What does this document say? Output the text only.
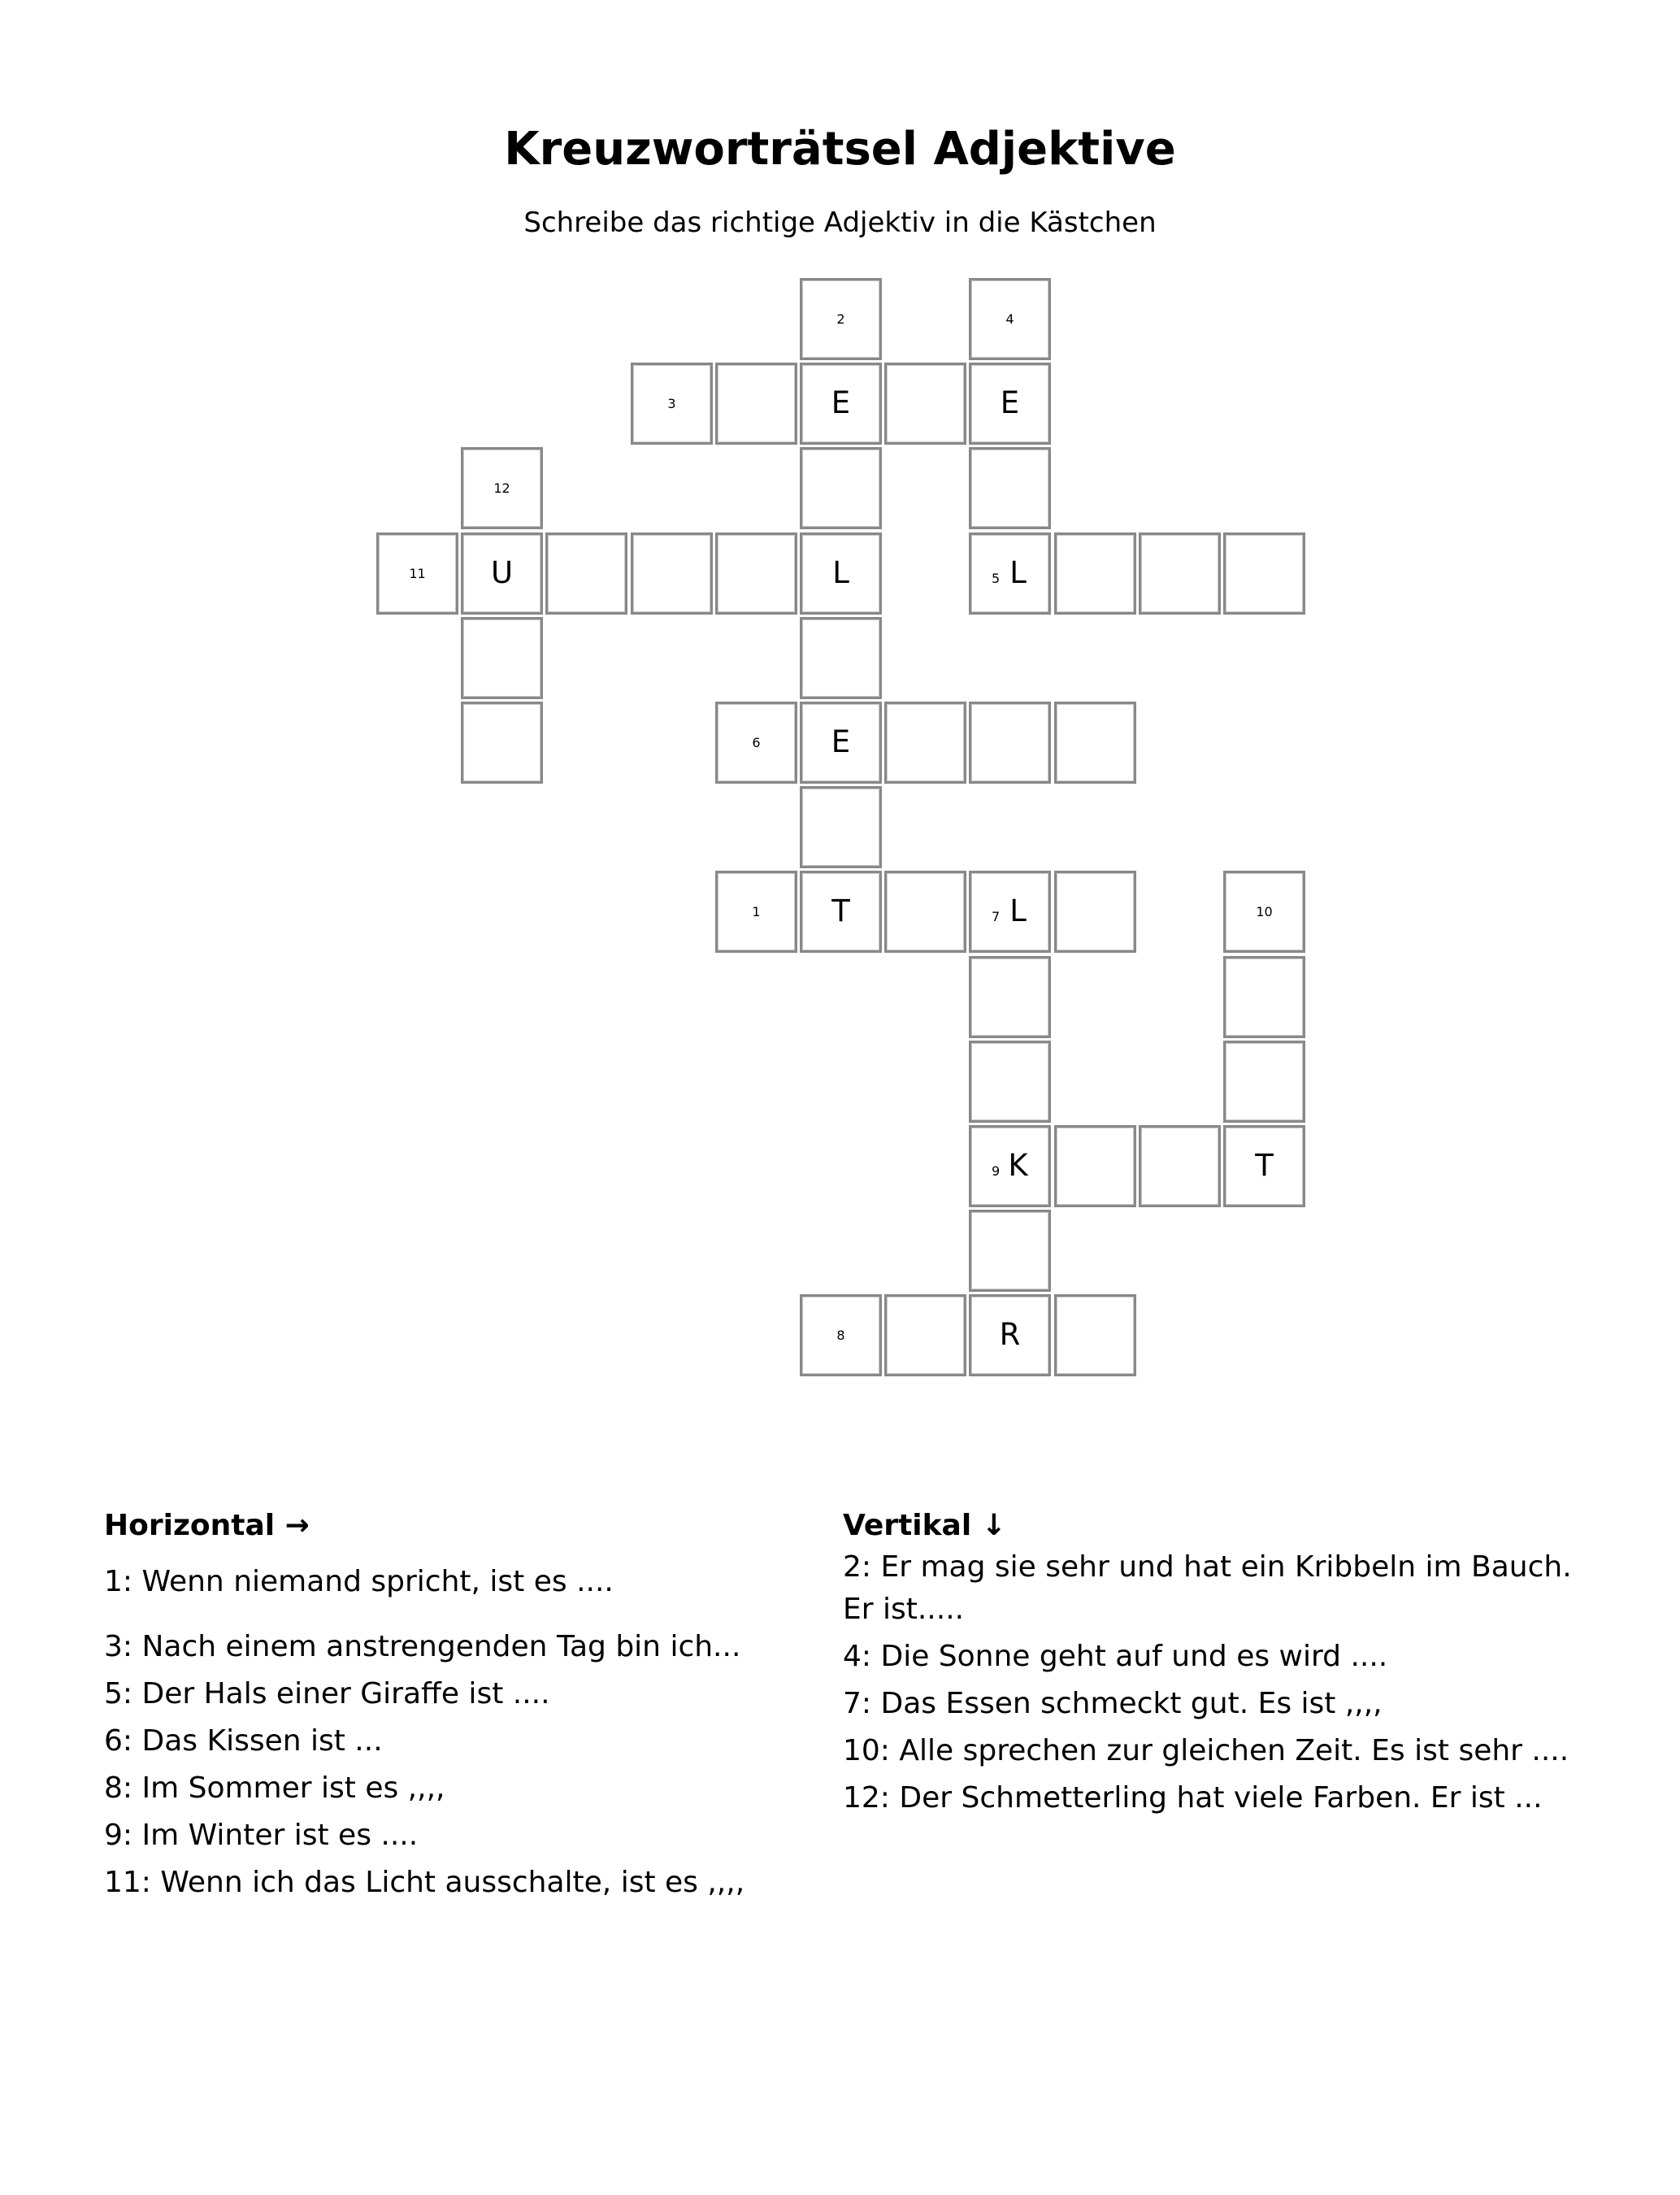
Kreuzworträtsel Adjektive
Schreibe das richtige Adjektiv in die Kästchen
2	4
3	E	E
12
11 U	L	5 L
6 E
1 T	7 L	10
9 K	T
8	R
Horizontal →

1: Wenn niemand spricht, ist es ....

3: Nach einem anstrengenden Tag bin ich...

5: Der Hals einer Giraffe ist ....

6: Das Kissen ist ...

8: Im Sommer ist es ,,,,

9: Im Winter ist es ....

11: Wenn ich das Licht ausschalte, ist es ,,,,

Vertikal ↓

2: Er mag sie sehr und hat ein Kribbeln im Bauch. Er ist.....

4: Die Sonne geht auf und es wird ....

7: Das Essen schmeckt gut. Es ist ,,,,

10: Alle sprechen zur gleichen Zeit. Es ist sehr ....

12: Der Schmetterling hat viele Farben. Er ist ...
